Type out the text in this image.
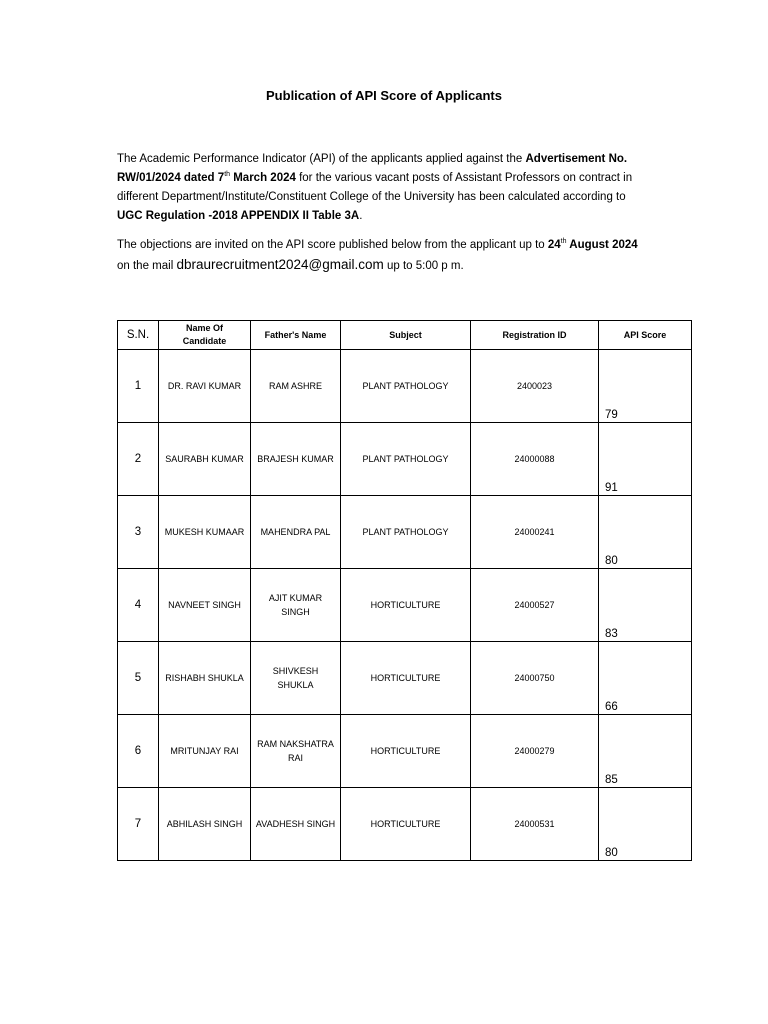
Publication of API Score of Applicants
The Academic Performance Indicator (API) of the applicants applied against the Advertisement No. RW/01/2024 dated 7th March 2024 for the various vacant posts of Assistant Professors on contract in different Department/Institute/Constituent College of the University has been calculated according to UGC Regulation -2018 APPENDIX II Table 3A.
The objections are invited on the API score published below from the applicant up to 24th August 2024 on the mail dbraurecruitment2024@gmail.com up to 5:00 p m.
S.N.	Name Of Candidate	Father's Name	Subject	Registration ID	API Score
1	DR. RAVI KUMAR	RAM ASHRE	PLANT PATHOLOGY	2400023	79
2	SAURABH KUMAR	BRAJESH KUMAR	PLANT PATHOLOGY	24000088	91
3	MUKESH KUMAAR	MAHENDRA PAL	PLANT PATHOLOGY	24000241	80
4	NAVNEET SINGH	AJIT KUMAR SINGH	HORTICULTURE	24000527	83
5	RISHABH SHUKLA	SHIVKESH SHUKLA	HORTICULTURE	24000750	66
6	MRITUNJAY RAI	RAM NAKSHATRA RAI	HORTICULTURE	24000279	85
7	ABHILASH SINGH	AVADHESH SINGH	HORTICULTURE	24000531	80
